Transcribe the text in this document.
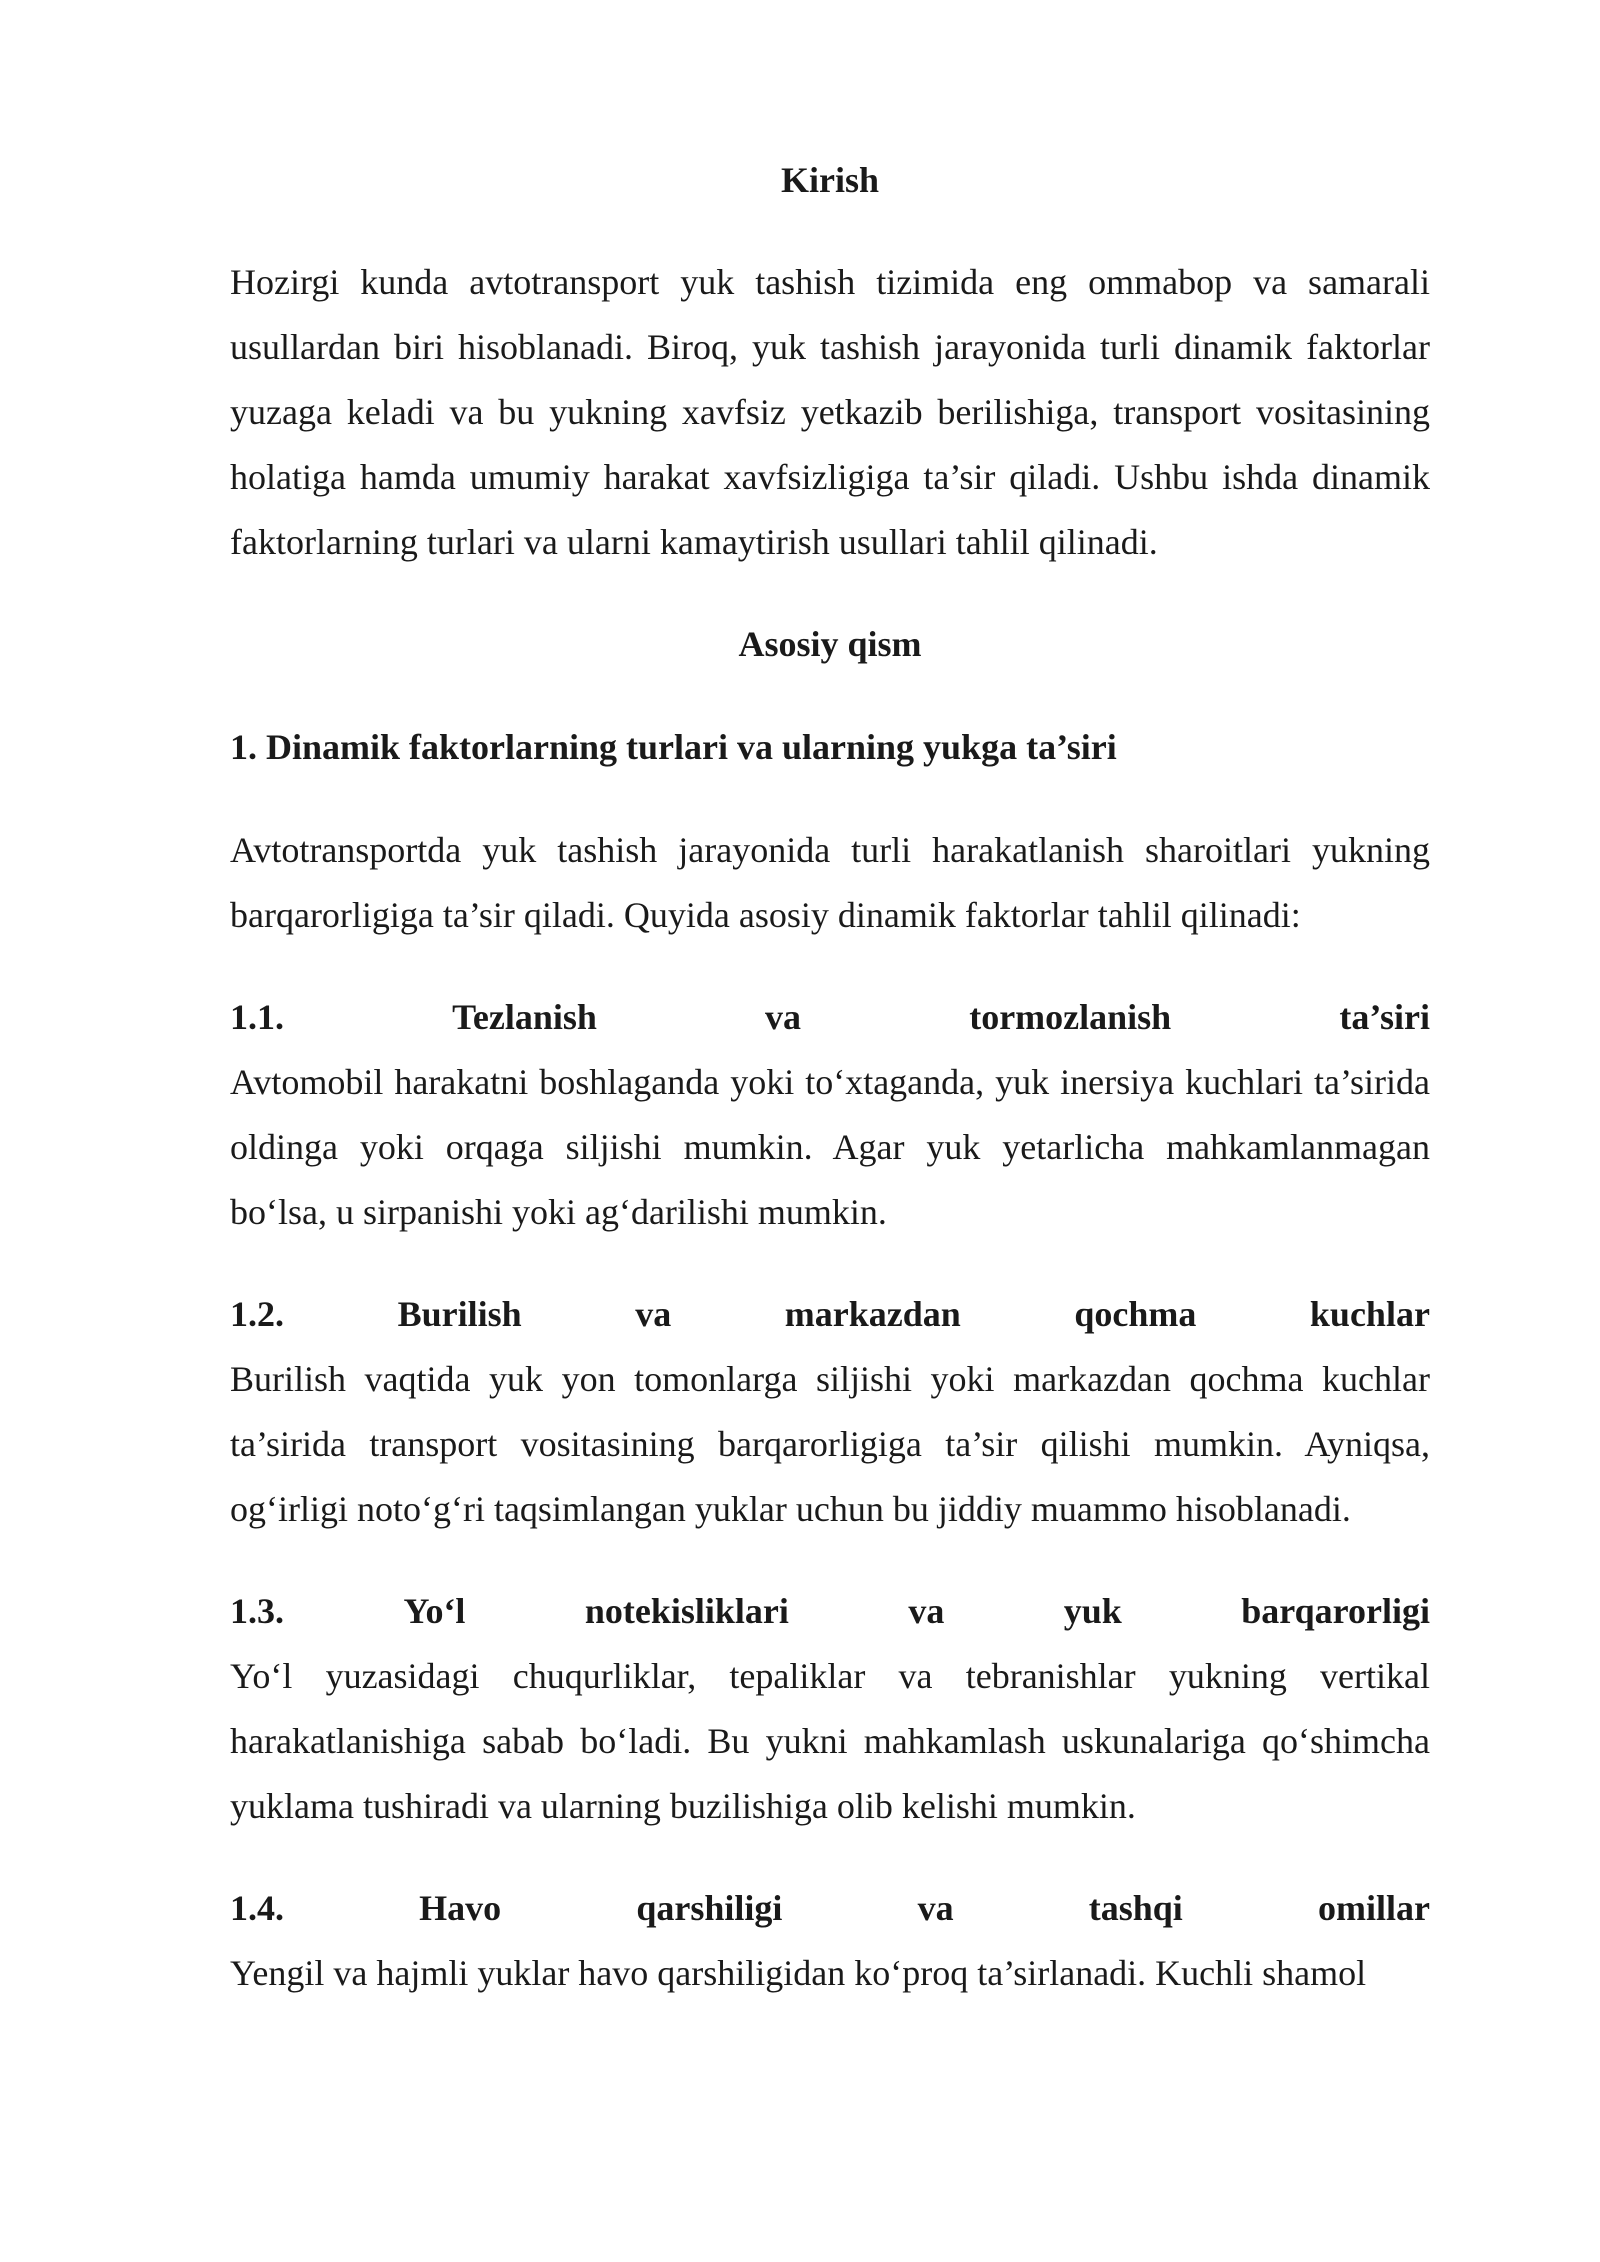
Kirish

Hozirgi kunda avtotransport yuk tashish tizimida eng ommabop va samarali usullardan biri hisoblanadi. Biroq, yuk tashish jarayonida turli dinamik faktorlar yuzaga keladi va bu yukning xavfsiz yetkazib berilishiga, transport vositasining holatiga hamda umumiy harakat xavfsizligiga ta’sir qiladi. Ushbu ishda dinamik faktorlarning turlari va ularni kamaytirish usullari tahlil qilinadi.

Asosiy qism

1. Dinamik faktorlarning turlari va ularning yukga ta’siri

Avtotransportda yuk tashish jarayonida turli harakatlanish sharoitlari yukning barqarorligiga ta’sir qiladi. Quyida asosiy dinamik faktorlar tahlil qilinadi:

1.1.	Tezlanish	va	tormozlanish	ta’siri

Avtomobil harakatni boshlaganda yoki to‘xtaganda, yuk inersiya kuchlari ta’sirida oldinga yoki orqaga siljishi mumkin. Agar yuk yetarlicha mahkamlanmagan bo‘lsa, u sirpanishi yoki ag‘darilishi mumkin.

1.2.	Burilish	va	markazdan	qochma	kuchlar

Burilish vaqtida yuk yon tomonlarga siljishi yoki markazdan qochma kuchlar ta’sirida transport vositasining barqarorligiga ta’sir qilishi mumkin. Ayniqsa, og‘irligi noto‘g‘ri taqsimlangan yuklar uchun bu jiddiy muammo hisoblanadi.

1.3.	Yo‘l	notekisliklari	va	yuk	barqarorligi

Yo‘l yuzasidagi chuqurliklar, tepaliklar va tebranishlar yukning vertikal harakatlanishiga sabab bo‘ladi. Bu yukni mahkamlash uskunalariga qo‘shimcha yuklama tushiradi va ularning buzilishiga olib kelishi mumkin.

1.4.	Havo	qarshiligi	va	tashqi	omillar

Yengil va hajmli yuklar havo qarshiligidan ko‘proq ta’sirlanadi. Kuchli shamol
